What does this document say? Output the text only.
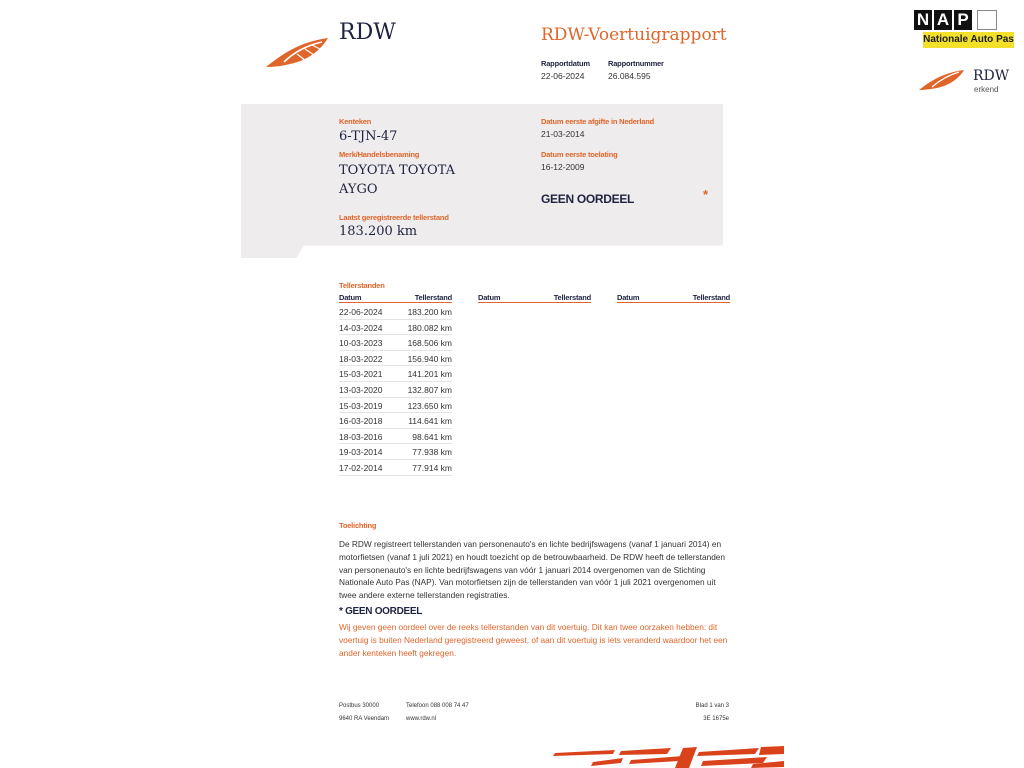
RDW	RDW-Voertuigrapport
Rapportdatum
22-06-2024
Rapportnummer
26.084.595
N A P
Nationale Auto Pas
RDW
erkend
Kenteken
6-TJN-47
Merk/Handelsbenaming
TOYOTA TOYOTA
AYGO
Laatst geregistreerde tellerstand
183.200 km
Datum eerste afgifte in Nederland
21-03-2014
Datum eerste toelating
16-12-2009
GEEN OORDEEL	*
Tellerstanden
Datum	Tellerstand	Datum	Tellerstand	Datum	Tellerstand
22-06-2024	183.200 km
14-03-2024	180.082 km
10-03-2023	168.506 km
18-03-2022	156.940 km
15-03-2021	141.201 km
13-03-2020	132.807 km
15-03-2019	123.650 km
16-03-2018	114.641 km
18-03-2016	98.641 km
19-03-2014	77.938 km
17-02-2014	77.914 km
Toelichting
De RDW registreert tellerstanden van personenauto's en lichte bedrijfswagens (vanaf 1 januari 2014) en motorfietsen (vanaf 1 juli 2021) en houdt toezicht op de betrouwbaarheid. De RDW heeft de tellerstanden van personenauto's en lichte bedrijfswagens van vóór 1 januari 2014 overgenomen van de Stichting Nationale Auto Pas (NAP). Van motorfietsen zijn de tellerstanden van vóór 1 juli 2021 overgenomen uit twee andere externe tellerstanden registraties.
* GEEN OORDEEL
Wij geven geen oordeel over de reeks tellerstanden van dit voertuig. Dit kan twee oorzaken hebben: dit voertuig is buiten Nederland geregistreerd geweest, of aan dit voertuig is iets veranderd waardoor het een ander kenteken heeft gekregen.
Postbus 30000	Telefoon 088 008 74 47	Blad 1 van 3
9640 RA Veendam	www.rdw.nl	3E 1675e
